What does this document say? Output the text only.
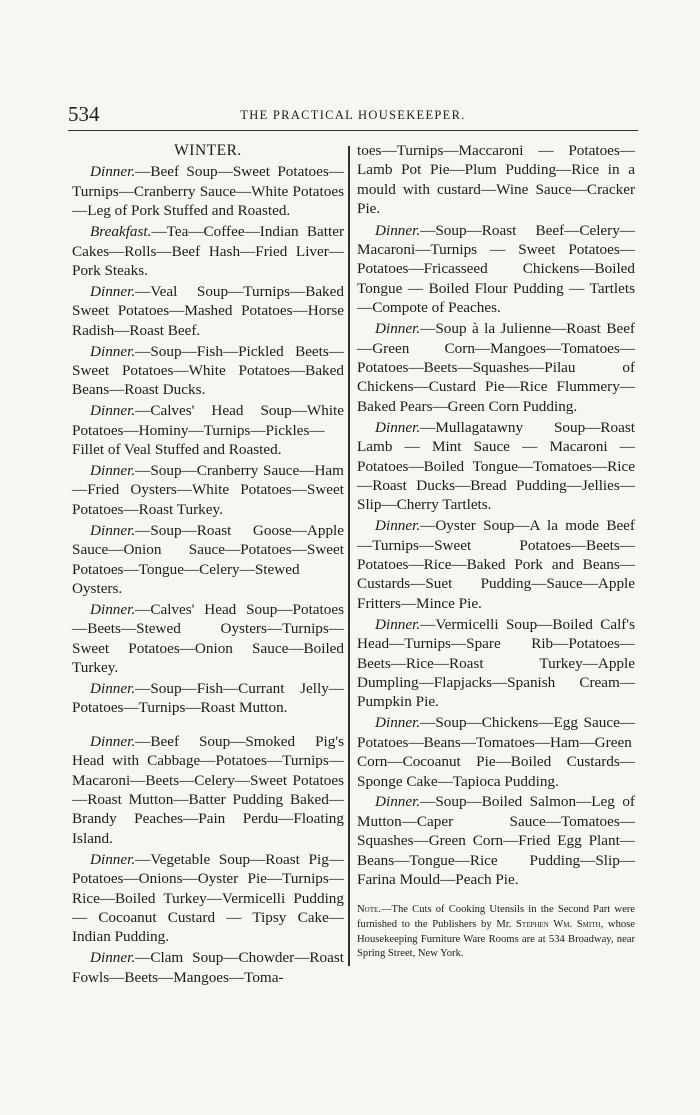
534	THE PRACTICAL HOUSEKEEPER.
WINTER.

Dinner.—Beef Soup—Sweet Potatoes—Turnips—Cranberry Sauce—White Potatoes—Leg of Pork Stuffed and Roasted.

Breakfast.—Tea—Coffee—Indian Batter Cakes—Rolls—Beef Hash—Fried Liver—Pork Steaks.

Dinner.—Veal Soup—Turnips—Baked Sweet Potatoes—Mashed Potatoes—Horse Radish—Roast Beef.

Dinner.—Soup—Fish—Pickled Beets—Sweet Potatoes—White Potatoes—Baked Beans—Roast Ducks.

Dinner.—Calves' Head Soup—White Potatoes—Hominy—Turnips—Pickles—Fillet of Veal Stuffed and Roasted.

Dinner.—Soup—Cranberry Sauce—Ham—Fried Oysters—White Potatoes—Sweet Potatoes—Roast Turkey.

Dinner.—Soup—Roast Goose—Apple Sauce—Onion Sauce—Potatoes—Sweet Potatoes—Tongue—Celery—Stewed Oysters.

Dinner.—Calves' Head Soup—Potatoes—Beets—Stewed Oysters—Turnips—Sweet Potatoes—Onion Sauce—Boiled Turkey.

Dinner.—Soup—Fish—Currant Jelly—Potatoes—Turnips—Roast Mutton.

Dinner.—Beef Soup—Smoked Pig's Head with Cabbage—Potatoes—Turnips—Macaroni—Beets—Celery—Sweet Potatoes—Roast Mutton—Batter Pudding Baked—Brandy Peaches—Pain Perdu—Floating Island.

Dinner.—Vegetable Soup—Roast Pig—Potatoes—Onions—Oyster Pie—Turnips—Rice—Boiled Turkey—Vermicelli Pudding — Cocoanut Custard — Tipsy Cake—Indian Pudding.

Dinner.—Clam Soup—Chowder—Roast Fowls—Beets—Mangoes—Toma-

toes—Turnips—Maccaroni — Potatoes—Lamb Pot Pie—Plum Pudding—Rice in a mould with custard—Wine Sauce—Cracker Pie.

Dinner.—Soup—Roast Beef—Celery—Macaroni—Turnips — Sweet Potatoes—Potatoes—Fricasseed Chickens—Boiled Tongue — Boiled Flour Pudding — Tartlets—Compote of Peaches.

Dinner.—Soup à la Julienne—Roast Beef—Green Corn—Mangoes—Tomatoes—Potatoes—Beets—Squashes—Pilau of Chickens—Custard Pie—Rice Flummery—Baked Pears—Green Corn Pudding.

Dinner.—Mullagatawny Soup—Roast Lamb — Mint Sauce — Macaroni — Potatoes—Boiled Tongue—Tomatoes—Rice—Roast Ducks—Bread Pudding—Jellies—Slip—Cherry Tartlets.

Dinner.—Oyster Soup—A la mode Beef—Turnips—Sweet Potatoes—Beets—Potatoes—Rice—Baked Pork and Beans—Custards—Suet Pudding—Sauce—Apple Fritters—Mince Pie.

Dinner.—Vermicelli Soup—Boiled Calf's Head—Turnips—Spare Rib—Potatoes—Beets—Rice—Roast Turkey—Apple Dumpling—Flapjacks—Spanish Cream—Pumpkin Pie.

Dinner.—Soup—Chickens—Egg Sauce—Potatoes—Beans—Tomatoes—Ham—Green Corn—Cocoanut Pie—Boiled Custards—Sponge Cake—Tapioca Pudding.

Dinner.—Soup—Boiled Salmon—Leg of Mutton—Caper Sauce—Tomatoes—Squashes—Green Corn—Fried Egg Plant—Beans—Tongue—Rice Pudding—Slip—Farina Mould—Peach Pie.

Note.—The Cuts of Cooking Utensils in the Second Part were furnished to the Publishers by Mr. Stephen Wm. Smith, whose Housekeeping Furniture Ware Rooms are at 534 Broadway, near Spring Street, New York.
